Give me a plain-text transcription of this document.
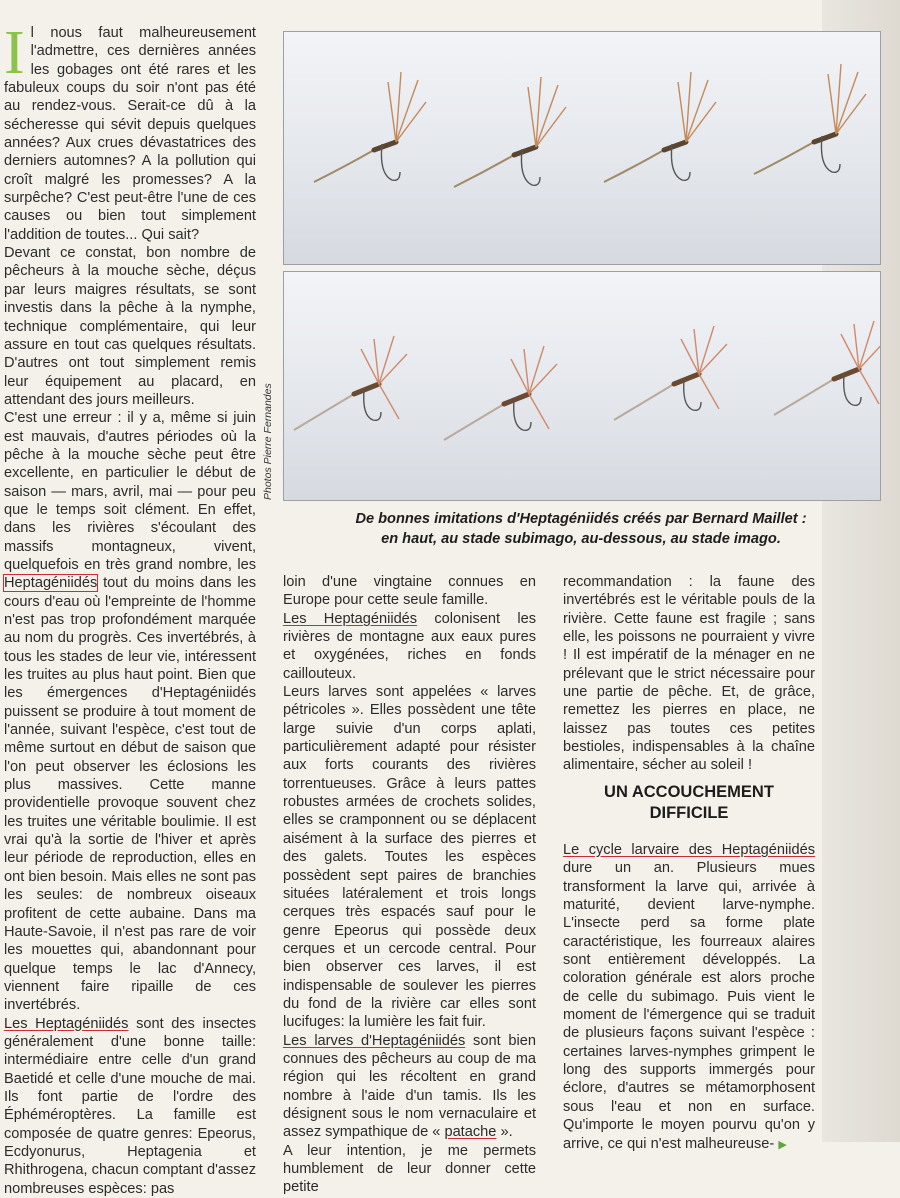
I l nous faut malheureusement l'admettre, ces dernières années les gobages ont été rares et les fabuleux coups du soir n'ont pas été au rendez-vous. Serait-ce dû à la sécheresse qui sévit depuis quelques années? Aux crues dévastatrices des derniers automnes? A la pollution qui croît malgré les promesses? A la surpêche? C'est peut-être l'une de ces causes ou bien tout simplement l'addition de toutes... Qui sait?

Devant ce constat, bon nombre de pêcheurs à la mouche sèche, déçus par leurs maigres résultats, se sont investis dans la pêche à la nymphe, technique complémentaire, qui leur assure en tout cas quelques résultats. D'autres ont tout simplement remis leur équipement au placard, en attendant des jours meilleurs.

C'est une erreur : il y a, même si juin est mauvais, d'autres périodes où la pêche à la mouche sèche peut être excellente, en particulier le début de saison — mars, avril, mai — pour peu que le temps soit clément. En effet, dans les rivières s'écoulant des massifs montagneux, vivent, quelquefois en très grand nombre, les Heptagéniidés tout du moins dans les cours d'eau où l'empreinte de l'homme n'est pas trop profondément marquée au nom du progrès. Ces invertébrés, à tous les stades de leur vie, intéressent les truites au plus haut point. Bien que les émergences d'Heptagéniidés puissent se produire à tout moment de l'année, suivant l'espèce, c'est tout de même surtout en début de saison que l'on peut observer les éclosions les plus massives. Cette manne providentielle provoque souvent chez les truites une véritable boulimie. Il est vrai qu'à la sortie de l'hiver et après leur période de reproduction, elles en ont bien besoin. Mais elles ne sont pas les seules: de nombreux oiseaux profitent de cette aubaine. Dans ma Haute-Savoie, il n'est pas rare de voir les mouettes qui, abandonnant pour quelque temps le lac d'Annecy, viennent faire ripaille de ces invertébrés.

Les Heptagéniidés sont des insectes généralement d'une bonne taille: intermédiaire entre celle d'un grand Baetidé et celle d'une mouche de mai. Ils font partie de l'ordre des Éphéméroptères. La famille est composée de quatre genres: Epeorus, Ecdyonurus, Heptagenia et Rhithrogena, chacun comptant d'assez nombreuses espèces: pas

Photos Pierre Fernandes
De bonnes imitations d'Heptagéniidés créés par Bernard Maillet :
en haut, au stade subimago, au-dessous, au stade imago.

loin d'une vingtaine connues en Europe pour cette seule famille.

Les Heptagéniidés colonisent les rivières de montagne aux eaux pures et oxygénées, riches en fonds caillouteux.

Leurs larves sont appelées « larves pétricoles ». Elles possèdent une tête large suivie d'un corps aplati, particulièrement adapté pour résister aux forts courants des rivières torrentueuses. Grâce à leurs pattes robustes armées de crochets solides, elles se cramponnent ou se déplacent aisément à la surface des pierres et des galets. Toutes les espèces possèdent sept paires de branchies situées latéralement et trois longs cerques très espacés sauf pour le genre Epeorus qui possède deux cerques et un cercode central. Pour bien observer ces larves, il est indispensable de soulever les pierres du fond de la rivière car elles sont lucifuges: la lumière les fait fuir.

Les larves d'Heptagéniidés sont bien connues des pêcheurs au coup de ma région qui les récoltent en grand nombre à l'aide d'un tamis. Ils les désignent sous le nom vernaculaire et assez sympathique de « patache ».

A leur intention, je me permets humblement de leur donner cette petite

recommandation : la faune des invertébrés est le véritable pouls de la rivière. Cette faune est fragile ; sans elle, les poissons ne pourraient y vivre ! Il est impératif de la ménager en ne prélevant que le strict nécessaire pour une partie de pêche. Et, de grâce, remettez les pierres en place, ne laissez pas toutes ces petites bestioles, indispensables à la chaîne alimentaire, sécher au soleil !

UN ACCOUCHEMENT
DIFFICILE

Le cycle larvaire des Heptagéniidés dure un an. Plusieurs mues transforment la larve qui, arrivée à maturité, devient larve-nymphe. L'insecte perd sa forme plate caractéristique, les fourreaux alaires sont entièrement développés. La coloration générale est alors proche de celle du subimago. Puis vient le moment de l'émergence qui se traduit de plusieurs façons suivant l'espèce : certaines larves-nymphes grimpent le long des supports immergés pour éclore, d'autres se métamorphosent sous l'eau et non en surface. Qu'importe le moyen pourvu qu'on y arrive, ce qui n'est malheureuse- ▶
